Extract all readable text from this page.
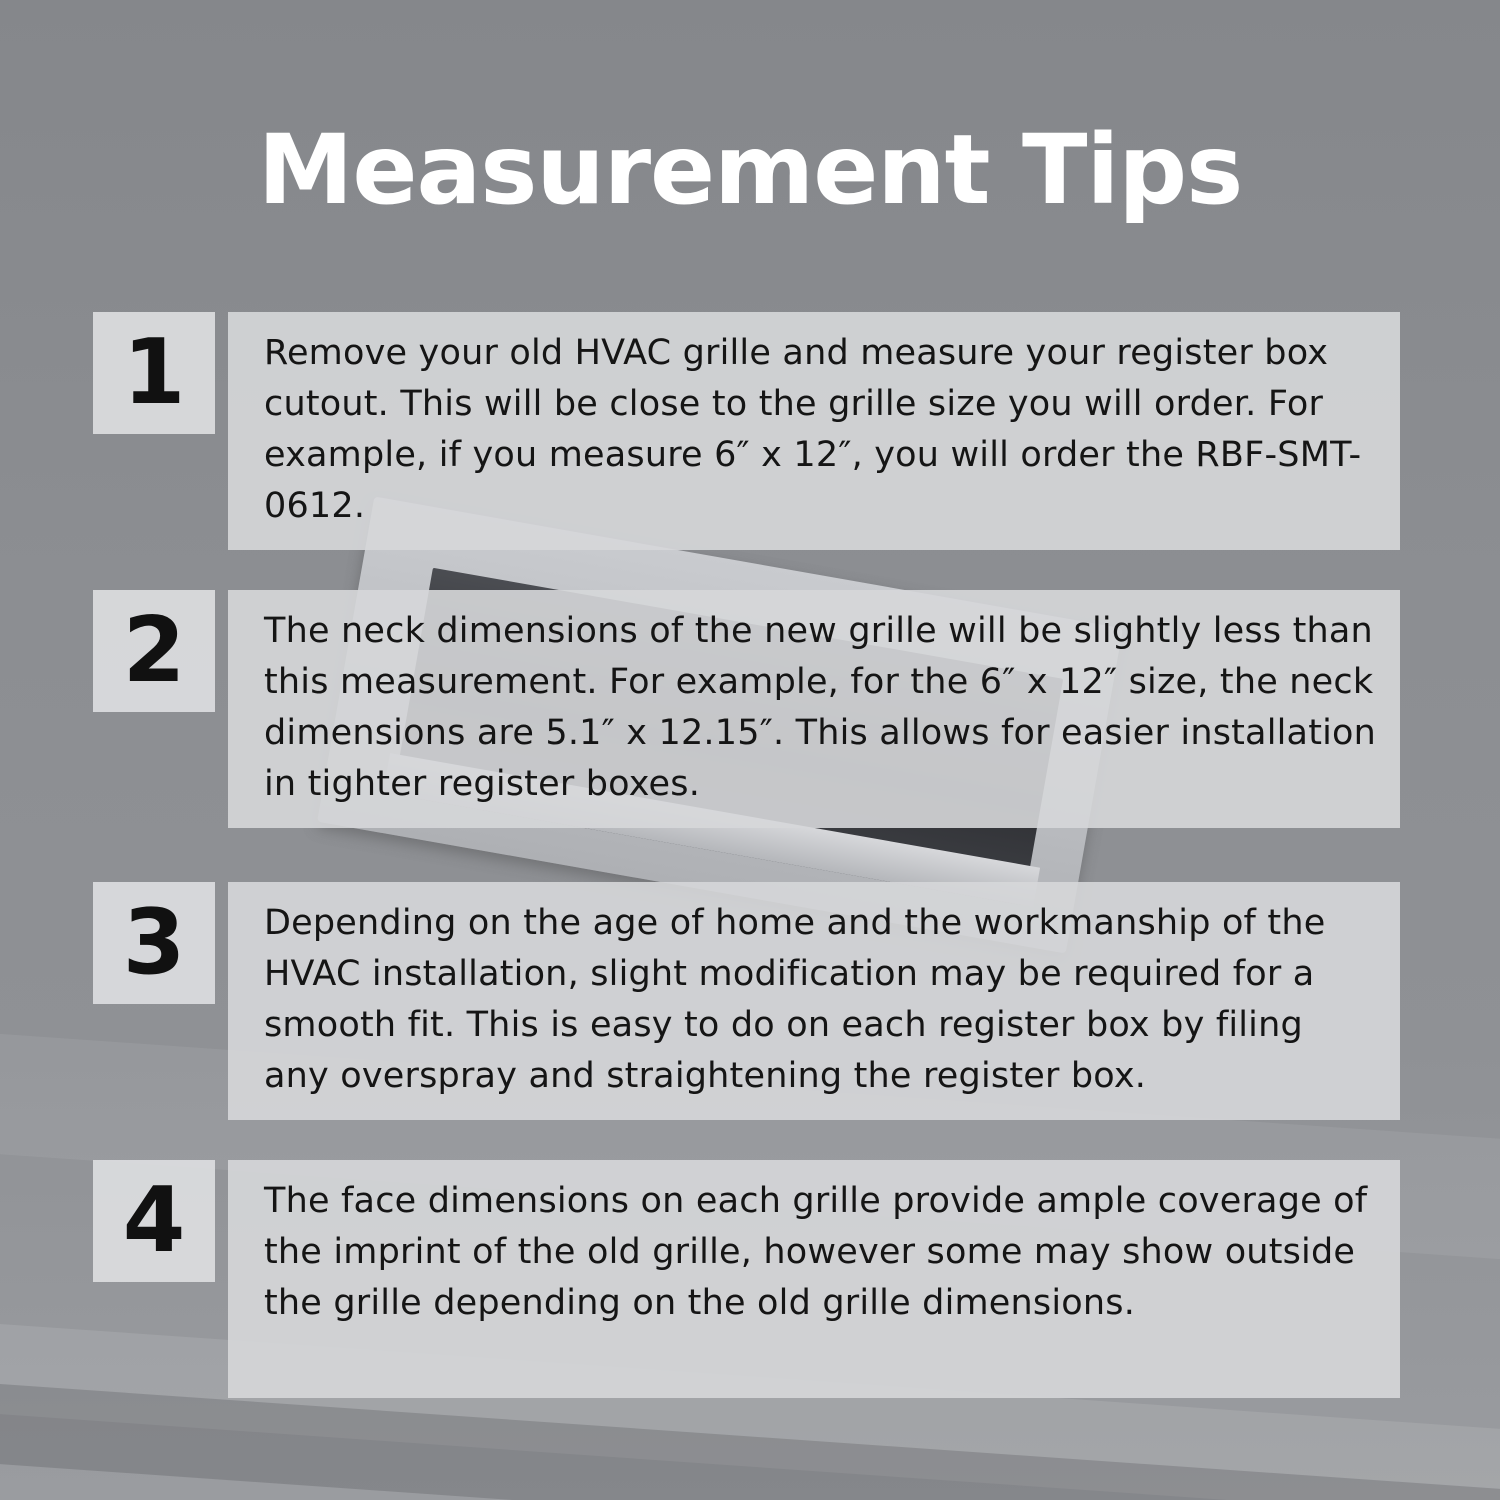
Measurement Tips
1	Remove your old HVAC grille and measure your register box cutout. This will be close to the grille size you will order. For example, if you measure 6″ x 12″, you will order the RBF-SMT-0612.

2	The neck dimensions of the new grille will be slightly less than this measurement. For example, for the 6″ x 12″ size, the neck dimensions are 5.1″ x 12.15″. This allows for easier installation in tighter register boxes.

3	Depending on the age of home and the workmanship of the HVAC installation, slight modification may be required for a smooth fit. This is easy to do on each register box by filing any overspray and straightening the register box.

4	The face dimensions on each grille provide ample coverage of the imprint of the old grille, however some may show outside the grille depending on the old grille dimensions.
